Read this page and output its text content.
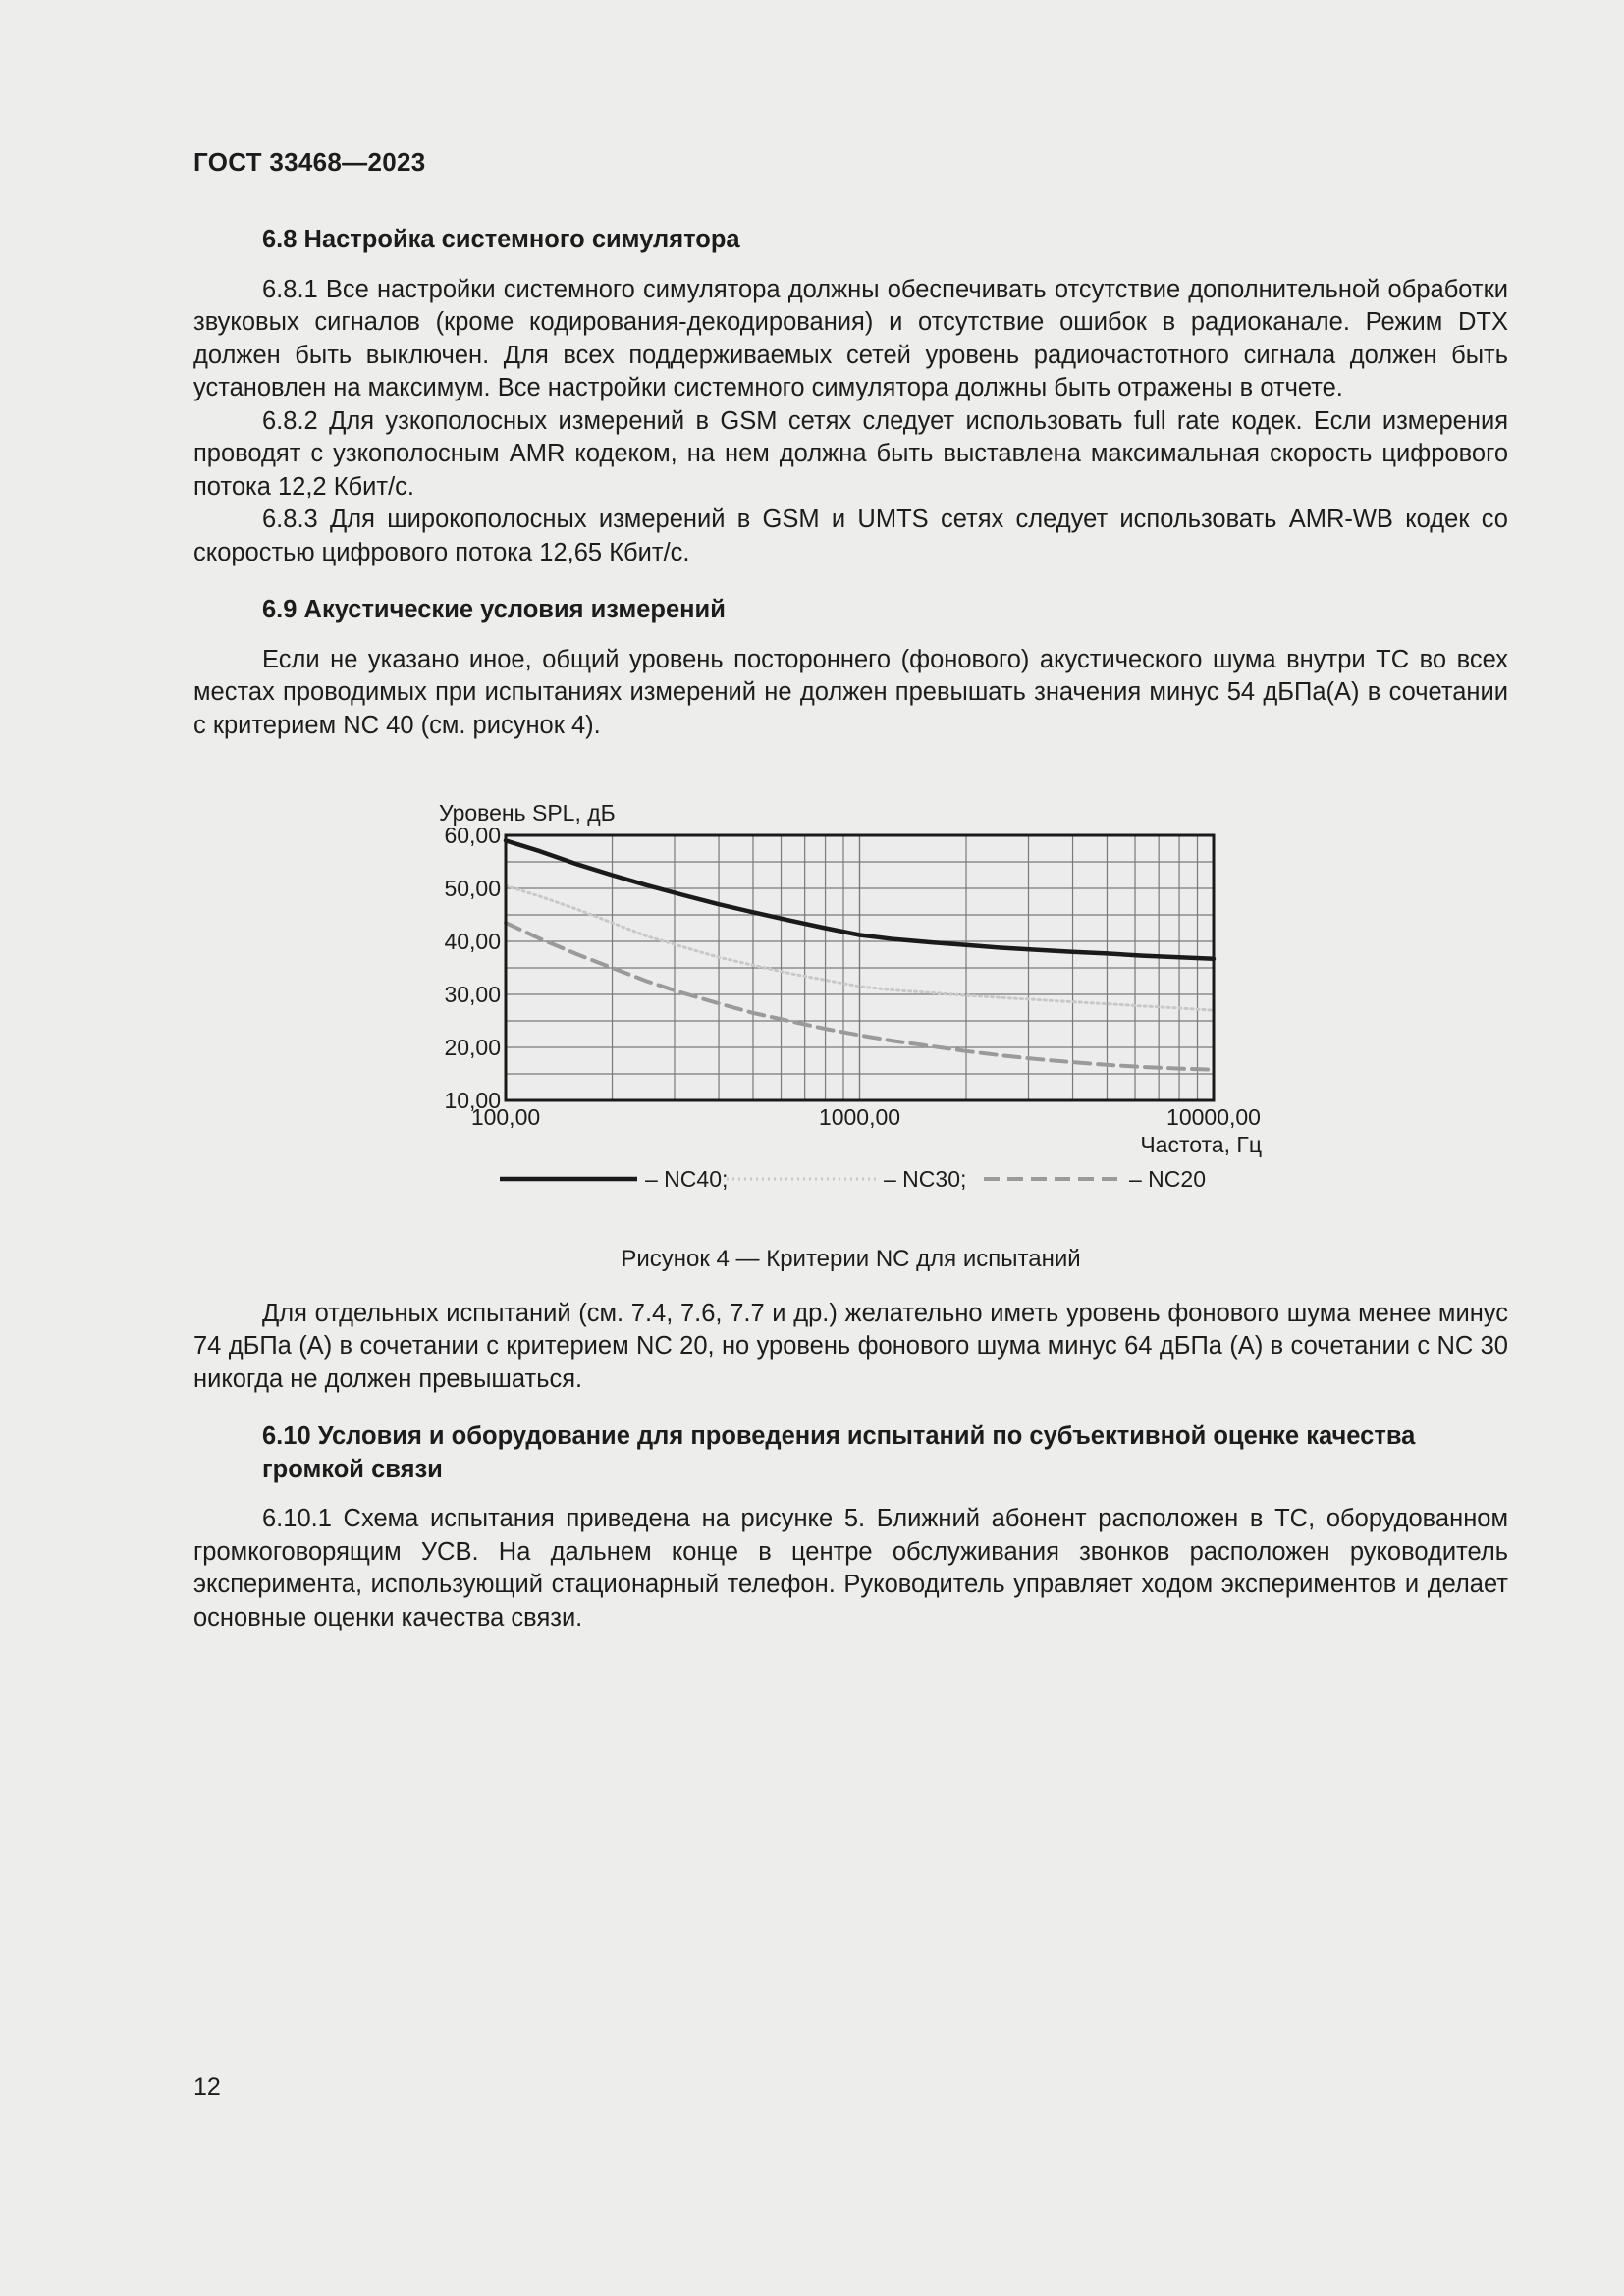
ГОСТ 33468—2023
6.8 Настройка системного симулятора

6.8.1 Все настройки системного симулятора должны обеспечивать отсутствие дополнительной обработки звуковых сигналов (кроме кодирования-декодирования) и отсутствие ошибок в радиоканале. Режим DTX должен быть выключен. Для всех поддерживаемых сетей уровень радиочастотного сигнала должен быть установлен на максимум. Все настройки системного симулятора должны быть отражены в отчете.

6.8.2 Для узкополосных измерений в GSM сетях следует использовать full rate кодек. Если измерения проводят с узкополосным AMR кодеком, на нем должна быть выставлена максимальная скорость цифрового потока 12,2 Кбит/с.

6.8.3 Для широкополосных измерений в GSM и UMTS сетях следует использовать AMR-WB кодек со скоростью цифрового потока 12,65 Кбит/с.

6.9 Акустические условия измерений

Если не указано иное, общий уровень постороннего (фонового) акустического шума внутри ТС во всех местах проводимых при испытаниях измерений не должен превышать значения минус 54 дБПа(А) в сочетании с критерием NC 40 (см. рисунок 4).

Уровень SPL, дБ
60,00
50,00
40,00
30,00
20,00
10,00
100,00	1000,00	10000,00
Частота, Гц
– NC40;	– NC30;	– NC20
Рисунок 4 — Критерии NC для испытаний

Для отдельных испытаний (см. 7.4, 7.6, 7.7 и др.) желательно иметь уровень фонового шума менее минус 74 дБПа (А) в сочетании с критерием NC 20, но уровень фонового шума минус 64 дБПа (А) в сочетании с NC 30 никогда не должен превышаться.

6.10 Условия и оборудование для проведения испытаний по субъективной оценке качества громкой связи

6.10.1 Схема испытания приведена на рисунке 5. Ближний абонент расположен в ТС, оборудованном громкоговорящим УСВ. На дальнем конце в центре обслуживания звонков расположен руководитель эксперимента, использующий стационарный телефон. Руководитель управляет ходом экспериментов и делает основные оценки качества связи.

12
